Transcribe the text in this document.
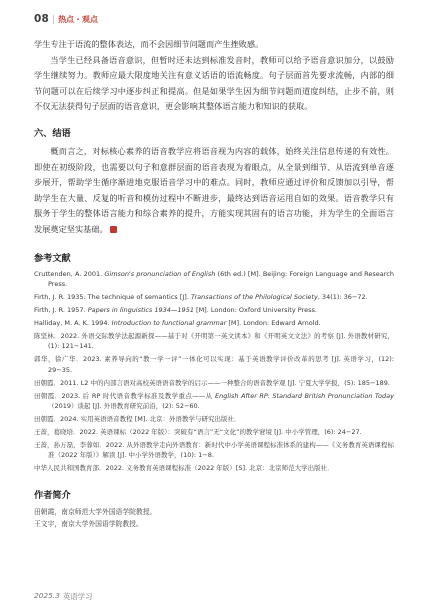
08 | 热点・观点

学生专注于语流的整体表达，而不会因细节问题而产生挫败感。

当学生已经具备语音意识，但暂时还未达到标准发音时，教师可以给予语音意识加分，以鼓励学生继续努力。教师应最大限度地关注有意义话语的语流畅度。句子层面首先要求流畅，内部的细节问题可以在后续学习中逐步纠正和提高。但是如果学生因为细节问题而道度纠结，止步不前，则不仅无法获得句子层面的语音意识，更会影响其整体语言能力和知识的获取。

六、结语

概而言之，对标核心素养的语音教学应将语音视为内容的载体，始终关注信息传递的有效性。即使在初级阶段，也需要以句子和意群层面的语音表现为着眼点，从全景到细节、从语流到单音逐步展开，帮助学生循序渐进地克服语音学习中的难点。同时，教师应通过评价和反馈加以引导，帮助学生在大量、反复的听音和模仿过程中不断进步，最终达到语音运用自如的效果。语音教学只有服务于学生的整体语言能力和综合素养的提升，方能实现其固有的语言功能，并为学生的全面语言发展奠定坚实基础。

参考文献

Cruttenden, A. 2001. Gimson's pronunciation of English (6th ed.) [M]. Beijing: Foreign Language and Research Press.

Firth, J. R. 1935. The technique of semantics [J]. Transactions of the Philological Society, 34(1): 36−72.

Firth, J. R. 1957. Papers in linguistics 1934—1951 [M]. London: Oxford University Press.

Halliday, M. A. K. 1994. Introduction to functional grammar [M]. London: Edward Arnold.

陈坚林．2022. 外语交际教学法起源新探——基于对《开明第一英文读本》和《开明英文文法》的考察 [J]. 外语教材研究，(1): 121−141.

郭华，徐广华．2023. 素养导向的“教一学一评”一体化可以实现：基于英语教学评价改革的思考 [J]. 英语学习，(12): 29−35.

田朝霞．2011. L2 中的内部言语对高校英语语音教学的启示——一种整合的语音教学观 [J]. 宁夏大学学报，(5): 185−189.

田朝霞．2023. 后 RP 时代语音教学标准及教学重点——从 English After RP: Standard British Pronunciation Today（2019）谈起 [J]. 外语教育研究前沿，(2): 52−60.

田朝霞．2024. 实用英语语音教程 [M]. 北京：外语教学与研究出版社．

王蔷，葛晓培．2022. 英语课标（2022 年版）：突破有“语言”无“文化”的教学窘境 [J]. 中小学管理，(6): 24−27.

王蔷，孙万磊，李蓉如．2022. 从外语教学走向外语教育：新时代中小学英语课程标准体系的建构——《义务教育英语课程标准（2022 年版）》解读 [J]. 中小学外语教学，(10): 1−8.

中华人民共和国教育部．2022. 义务教育英语课程标准（2022 年版）[S]. 北京：北京师范大学出版社．

作者简介

田朝霞，南京师范大学外国语学院教授。

王文宇，南京大学外国语学院教授。

2025.3 英语学习
